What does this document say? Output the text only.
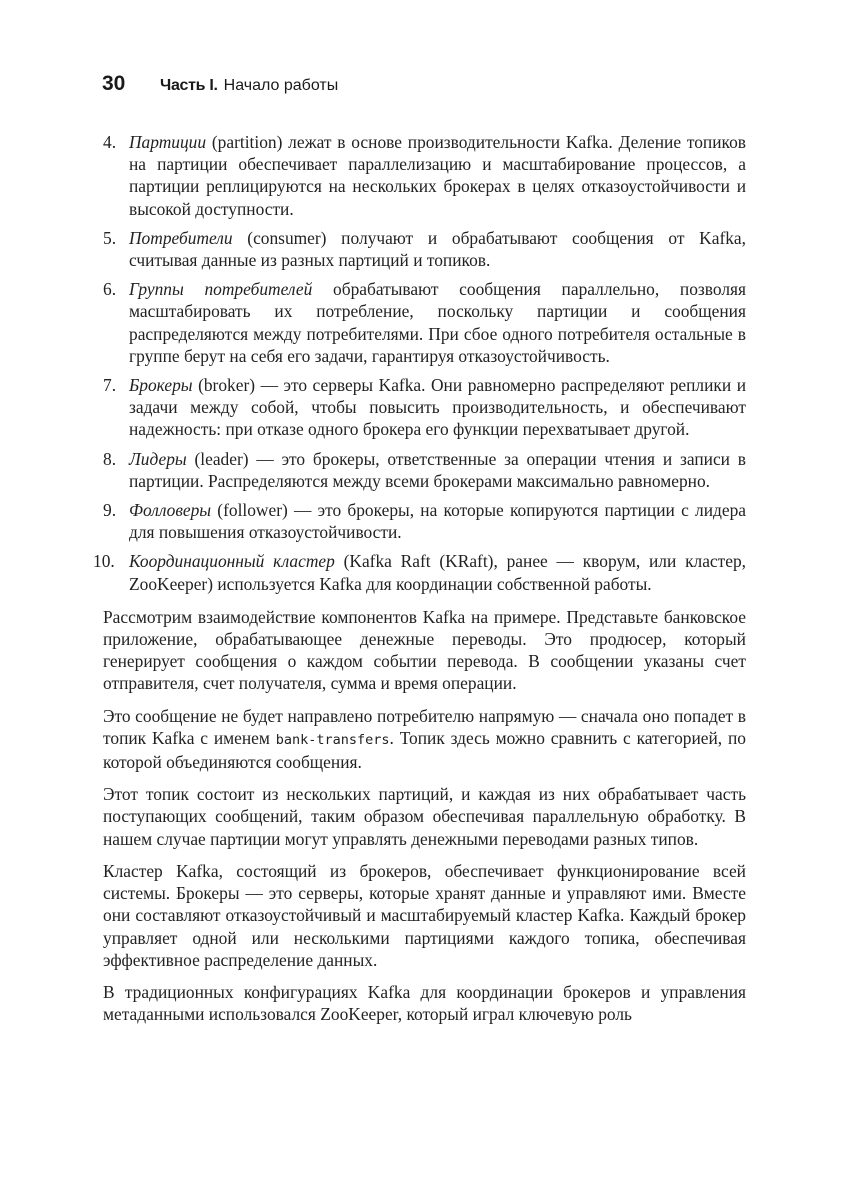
30	Часть I. Начало работы
4. Партиции (partition) лежат в основе производительности Kafka. Деление топиков на партиции обеспечивает параллелизацию и масштабирование процессов, а партиции реплицируются на нескольких брокерах в целях отказоустойчивости и высокой доступности.
5. Потребители (consumer) получают и обрабатывают сообщения от Kafka, считывая данные из разных партиций и топиков.
6. Группы потребителей обрабатывают сообщения параллельно, позволяя масштабировать их потребление, поскольку партиции и сообщения распределяются между потребителями. При сбое одного потребителя остальные в группе берут на себя его задачи, гарантируя отказоустойчивость.
7. Брокеры (broker) — это серверы Kafka. Они равномерно распределяют реплики и задачи между собой, чтобы повысить производительность, и обеспечивают надежность: при отказе одного брокера его функции перехватывает другой.
8. Лидеры (leader) — это брокеры, ответственные за операции чтения и записи в партиции. Распределяются между всеми брокерами максимально равномерно.
9. Фолловеры (follower) — это брокеры, на которые копируются партиции с лидера для повышения отказоустойчивости.
10. Координационный кластер (Kafka Raft (KRaft), ранее — кворум, или кластер, ZooKeeper) используется Kafka для координации собственной работы.

Рассмотрим взаимодействие компонентов Kafka на примере. Представьте банковское приложение, обрабатывающее денежные переводы. Это продюсер, который генерирует сообщения о каждом событии перевода. В сообщении указаны счет отправителя, счет получателя, сумма и время операции.

Это сообщение не будет направлено потребителю напрямую — сначала оно попадет в топик Kafka с именем bank-transfers. Топик здесь можно сравнить с категорией, по которой объединяются сообщения.

Этот топик состоит из нескольких партиций, и каждая из них обрабатывает часть поступающих сообщений, таким образом обеспечивая параллельную обработку. В нашем случае партиции могут управлять денежными переводами разных типов.

Кластер Kafka, состоящий из брокеров, обеспечивает функционирование всей системы. Брокеры — это серверы, которые хранят данные и управляют ими. Вместе они составляют отказоустойчивый и масштабируемый кластер Kafka. Каждый брокер управляет одной или несколькими партициями каждого топика, обеспечивая эффективное распределение данных.

В традиционных конфигурациях Kafka для координации брокеров и управления метаданными использовался ZooKeeper, который играл ключевую роль
